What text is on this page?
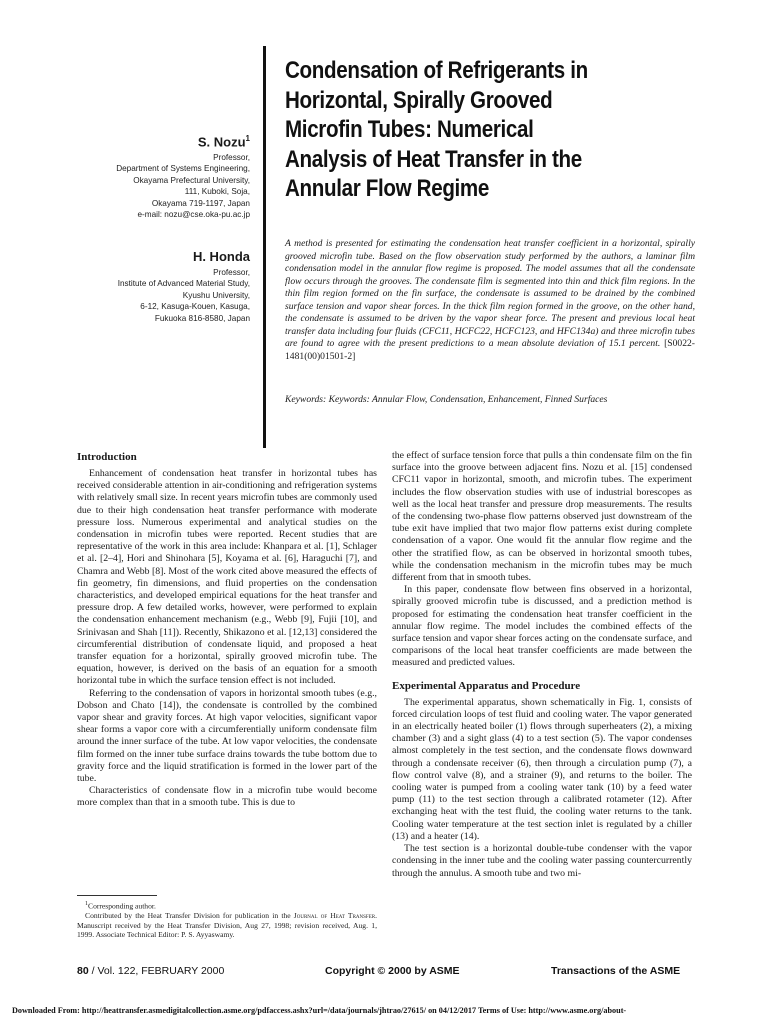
S. Nozu$^1$
Professor,
Department of Systems Engineering,
Okayama Prefectural University,
111, Kuboki, Soja,
Okayama 719-1197, Japan
e-mail: nozu@cse.oka-pu.ac.jp
H. Honda
Professor,
Institute of Advanced Material Study,
Kyushu University,
6-12, Kasuga-Kouen, Kasuga,
Fukuoka 816-8580, Japan
Condensation of Refrigerants in
Horizontal, Spirally Grooved
Microfin Tubes: Numerical
Analysis of Heat Transfer in the
Annular Flow Regime
A method is presented for estimating the condensation heat transfer coefficient in a horizontal, spirally grooved microfin tube. Based on the flow observation study performed by the authors, a laminar film condensation model in the annular flow regime is proposed. The model assumes that all the condensate flow occurs through the grooves. The condensate film is segmented into thin and thick film regions. In the thin film region formed on the fin surface, the condensate is assumed to be drained by the combined surface tension and vapor shear forces. In the thick film region formed in the groove, on the other hand, the condensate is assumed to be driven by the vapor shear force. The present and previous local heat transfer data including four fluids (CFC11, HCFC22, HCFC123, and HFC134a) and three microfin tubes are found to agree with the present predictions to a mean absolute deviation of 15.1 percent. [S0022-1481(00)01501-2]
Keywords: Keywords: Annular Flow, Condensation, Enhancement, Finned Surfaces
Introduction

Enhancement of condensation heat transfer in horizontal tubes has received considerable attention in air-conditioning and refrigeration systems with relatively small size. In recent years microfin tubes are commonly used due to their high condensation heat transfer performance with moderate pressure loss. Numerous experimental and analytical studies on the condensation in microfin tubes were reported. Recent studies that are representative of the work in this area include: Khanpara et al. [1], Schlager et al. [2–4], Hori and Shinohara [5], Koyama et al. [6], Haraguchi [7], and Chamra and Webb [8]. Most of the work cited above measured the effects of fin geometry, fin dimensions, and fluid properties on the condensation characteristics, and developed empirical equations for the heat transfer and pressure drop. A few detailed works, however, were performed to explain the condensation enhancement mechanism (e.g., Webb [9], Fujii [10], and Srinivasan and Shah [11]). Recently, Shikazono et al. [12,13] considered the circumferential distribution of condensate liquid, and proposed a heat transfer equation for a horizontal, spirally grooved microfin tube. The equation, however, is derived on the basis of an equation for a smooth horizontal tube in which the surface tension effect is not included.

Referring to the condensation of vapors in horizontal smooth tubes (e.g., Dobson and Chato [14]), the condensate is controlled by the combined vapor shear and gravity forces. At high vapor velocities, significant vapor shear forms a vapor core with a circumferentially uniform condensate film around the inner surface of the tube. At low vapor velocities, the condensate film formed on the inner tube surface drains towards the tube bottom due to gravity force and the liquid stratification is formed in the lower part of the tube.

Characteristics of condensate flow in a microfin tube would become more complex than that in a smooth tube. This is due to

the effect of surface tension force that pulls a thin condensate film on the fin surface into the groove between adjacent fins. Nozu et al. [15] condensed CFC11 vapor in horizontal, smooth, and microfin tubes. The experiment includes the flow observation studies with use of industrial borescopes as well as the local heat transfer and pressure drop measurements. The results of the condensing two-phase flow patterns observed just downstream of the tube exit have implied that two major flow patterns exist during complete condensation of a vapor. One would fit the annular flow regime and the other the stratified flow, as can be observed in horizontal smooth tubes, while the condensation mechanism in the microfin tubes may be much different from that in smooth tubes.

In this paper, condensate flow between fins observed in a horizontal, spirally grooved microfin tube is discussed, and a prediction method is proposed for estimating the condensation heat transfer coefficient in the annular flow regime. The model includes the combined effects of the surface tension and vapor shear forces acting on the condensate surface, and comparisons of the local heat transfer coefficients are made between the measured and predicted values.

Experimental Apparatus and Procedure

The experimental apparatus, shown schematically in Fig. 1, consists of forced circulation loops of test fluid and cooling water. The vapor generated in an electrically heated boiler (1) flows through superheaters (2), a mixing chamber (3) and a sight glass (4) to a test section (5). The vapor condenses almost completely in the test section, and the condensate flows downward through a condensate receiver (6), then through a circulation pump (7), a flow control valve (8), and a strainer (9), and returns to the boiler. The cooling water is pumped from a cooling water tank (10) by a feed water pump (11) to the test section through a calibrated rotameter (12). After exchanging heat with the test fluid, the cooling water returns to the tank. Cooling water temperature at the test section inlet is regulated by a chiller (13) and a heater (14).

The test section is a horizontal double-tube condenser with the vapor condensing in the inner tube and the cooling water passing countercurrently through the annulus. A smooth tube and two mi-

$^1$Corresponding author.

Contributed by the Heat Transfer Division for publication in the Journal of Heat Transfer. Manuscript received by the Heat Transfer Division, Aug 27, 1998; revision received, Aug. 1, 1999. Associate Technical Editor: P. S. Ayyaswamy.

80 / Vol. 122, FEBRUARY 2000	Copyright © 2000 by ASME	Transactions of the ASME
Downloaded From: http://heattransfer.asmedigitalcollection.asme.org/pdfaccess.ashx?url=/data/journals/jhtrao/27615/ on 04/12/2017 Terms of Use: http://www.asme.org/about-
